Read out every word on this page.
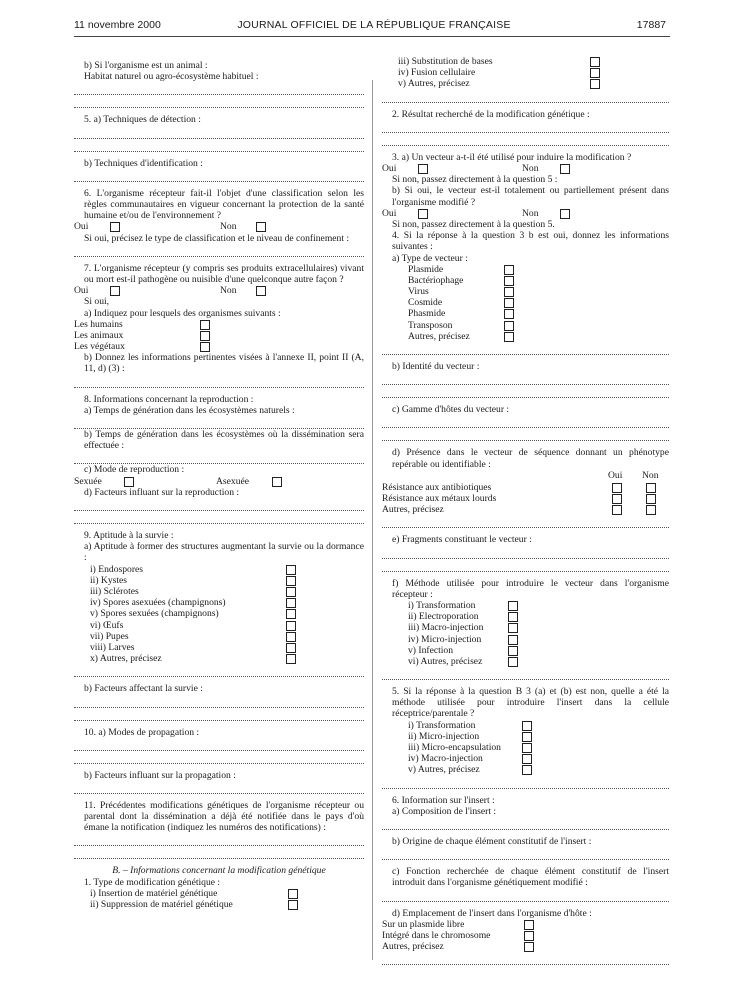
11 novembre 2000	JOURNAL OFFICIEL DE LA RÉPUBLIQUE FRANÇAISE	17887
b) Si l'organisme est un animal :
Habitat naturel ou agro-écosystème habituel :
5. a) Techniques de détection :
b) Techniques d'identification :
6. L'organisme récepteur fait-il l'objet d'une classification selon les règles communautaires en vigueur concernant la protection de la santé humaine et/ou de l'environnement ?
Oui	Non
Si oui, précisez le type de classification et le niveau de confinement :
7. L'organisme récepteur (y compris ses produits extracellulaires) vivant ou mort est-il pathogène ou nuisible d'une quelconque autre façon ?
Oui	Non
Si oui,
a) Indiquez pour lesquels des organismes suivants :
Les humains
Les animaux
Les végétaux
b) Donnez les informations pertinentes visées à l'annexe II, point II (A, 11, d) (3) :
8. Informations concernant la reproduction :
a) Temps de génération dans les écosystèmes naturels :
b) Temps de génération dans les écosystèmes où la dissémination sera effectuée :
c) Mode de reproduction :
Sexuée	Asexuée
d) Facteurs influant sur la reproduction :
9. Aptitude à la survie :
a) Aptitude à former des structures augmentant la survie ou la dormance :
i) Endospores
ii) Kystes
iii) Sclérotes
iv) Spores asexuées (champignons)
v) Spores sexuées (champignons)
vi) Œufs
vii) Pupes
viii) Larves
x) Autres, précisez
b) Facteurs affectant la survie :
10. a) Modes de propagation :
b) Facteurs influant sur la propagation :
11. Précédentes modifications génétiques de l'organisme récepteur ou parental dont la dissémination a déjà été notifiée dans le pays d'où émane la notification (indiquez les numéros des notifications) :
B. – Informations concernant la modification génétique
1. Type de modification génétique :
i) Insertion de matériel génétique
ii) Suppression de matériel génétique
iii) Substitution de bases
iv) Fusion cellulaire
v) Autres, précisez
2. Résultat recherché de la modification génétique :
3. a) Un vecteur a-t-il été utilisé pour induire la modification ?
Oui	Non
Si non, passez directement à la question 5 :
b) Si oui, le vecteur est-il totalement ou partiellement présent dans l'organisme modifié ?
Oui	Non
Si non, passez directement à la question 5.
4. Si la réponse à la question 3 b est oui, donnez les informations suivantes :
a) Type de vecteur :
Plasmide
Bactériophage
Virus
Cosmide
Phasmide
Transposon
Autres, précisez
b) Identité du vecteur :
c) Gamme d'hôtes du vecteur :
d) Présence dans le vecteur de séquence donnant un phénotype repérable ou identifiable :
Oui Non
Résistance aux antibiotiques
Résistance aux métaux lourds
Autres, précisez
e) Fragments constituant le vecteur :
f) Méthode utilisée pour introduire le vecteur dans l'organisme récepteur :
i) Transformation
ii) Electroporation
iii) Macro-injection
iv) Micro-injection
v) Infection
vi) Autres, précisez
5. Si la réponse à la question B 3 (a) et (b) est non, quelle a été la méthode utilisée pour introduire l'insert dans la cellule réceptrice/parentale ?
i) Transformation
ii) Micro-injection
iii) Micro-encapsulation
iv) Macro-injection
v) Autres, précisez
6. Information sur l'insert :
a) Composition de l'insert :
b) Origine de chaque élément constitutif de l'insert :
c) Fonction recherchée de chaque élément constitutif de l'insert introduit dans l'organisme génétiquement modifié :
d) Emplacement de l'insert dans l'organisme d'hôte :
Sur un plasmide libre
Intégré dans le chromosome
Autres, précisez
